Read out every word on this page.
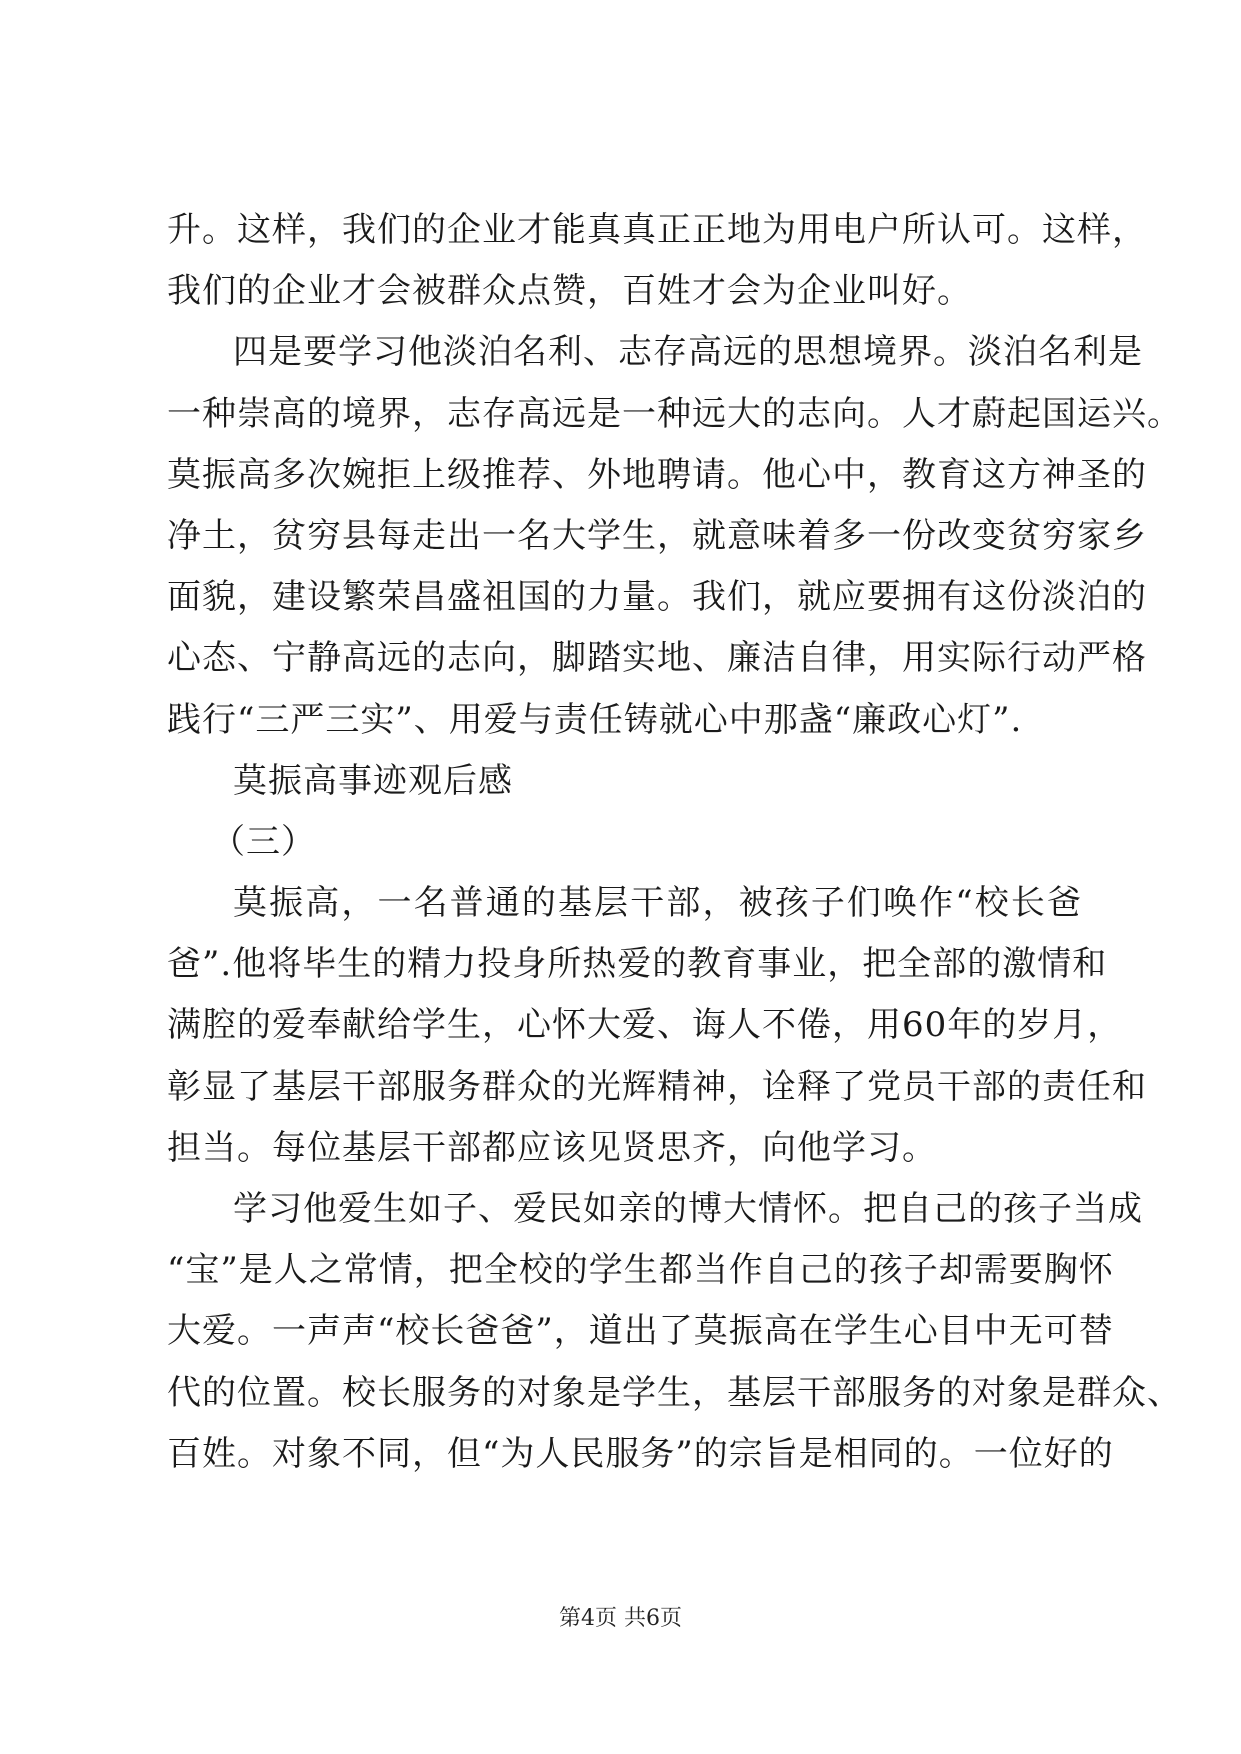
升。这样，我们的企业才能真真正正地为用电户所认可。这样，
我们的企业才会被群众点赞，百姓才会为企业叫好。
四是要学习他淡泊名利、志存高远的思想境界。淡泊名利是
一种崇高的境界，志存高远是一种远大的志向。人才蔚起国运兴。
莫振高多次婉拒上级推荐、外地聘请。他心中，教育这方神圣的
净土，贫穷县每走出一名大学生，就意味着多一份改变贫穷家乡
面貌，建设繁荣昌盛祖国的力量。我们，就应要拥有这份淡泊的
心态、宁静高远的志向，脚踏实地、廉洁自律，用实际行动严格
践行“三严三实”、用爱与责任铸就心中那盏“廉政心灯”.
莫振高事迹观后感
（三）
莫振高，一名普通的基层干部，被孩子们唤作“校长爸
爸”.他将毕生的精力投身所热爱的教育事业，把全部的激情和
满腔的爱奉献给学生，心怀大爱、诲人不倦，用60年的岁月，
彰显了基层干部服务群众的光辉精神，诠释了党员干部的责任和
担当。每位基层干部都应该见贤思齐，向他学习。
学习他爱生如子、爱民如亲的博大情怀。把自己的孩子当成
“宝”是人之常情，把全校的学生都当作自己的孩子却需要胸怀
大爱。一声声“校长爸爸”，道出了莫振高在学生心目中无可替
代的位置。校长服务的对象是学生，基层干部服务的对象是群众、
百姓。对象不同，但“为人民服务”的宗旨是相同的。一位好的
第4页 共6页
